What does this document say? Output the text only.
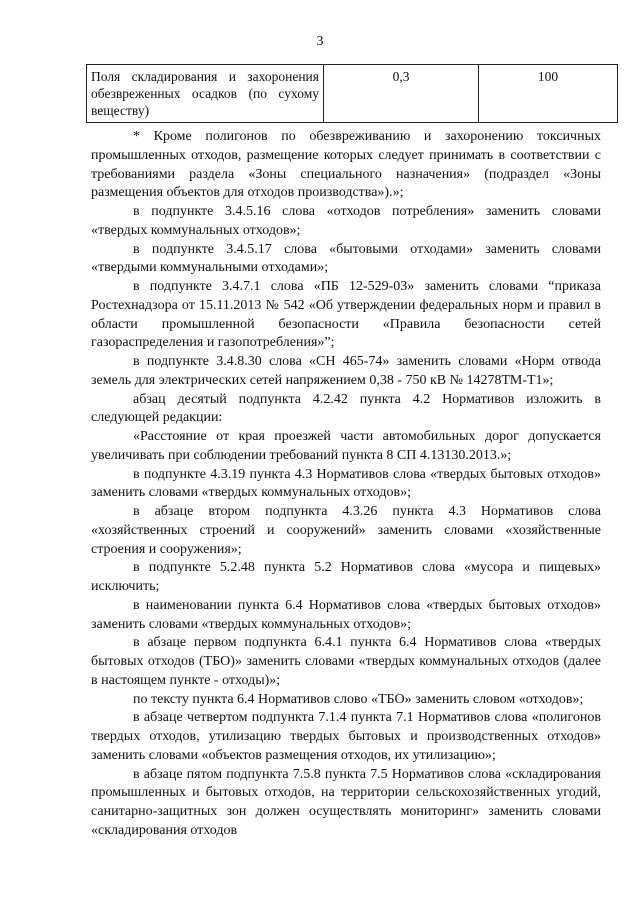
3
Поля складирования и захоронения обезвреженных осадков (по сухому веществу)	0,3	100

* Кроме полигонов по обезвреживанию и захоронению токсичных промышленных отходов, размещение которых следует принимать в соответствии с требованиями раздела «Зоны специального назначения» (подраздел «Зоны размещения объектов для отходов производства»).»;

в подпункте 3.4.5.16 слова «отходов потребления» заменить словами «твердых коммунальных отходов»;

в подпункте 3.4.5.17 слова «бытовыми отходами» заменить словами «твердыми коммунальными отходами»;

в подпункте 3.4.7.1 слова «ПБ 12-529-03» заменить словами “приказа Ростехнадзора от 15.11.2013 № 542 «Об утверждении федеральных норм и правил в области промышленной безопасности «Правила безопасности сетей газораспределения и газопотребления»”;

в подпункте 3.4.8.30 слова «СН 465-74» заменить словами «Норм отвода земель для электрических сетей напряжением 0,38 - 750 кВ № 14278ТМ-Т1»;

абзац десятый подпункта 4.2.42 пункта 4.2 Нормативов изложить в следующей редакции:

«Расстояние от края проезжей части автомобильных дорог допускается увеличивать при соблюдении требований пункта 8 СП 4.13130.2013.»;

в подпункте 4.3.19 пункта 4.3 Нормативов слова «твердых бытовых отходов» заменить словами «твердых коммунальных отходов»;

в абзаце втором подпункта 4.3.26 пункта 4.3 Нормативов слова «хозяйственных строений и сооружений» заменить словами «хозяйственные строения и сооружения»;

в подпункте 5.2.48 пункта 5.2 Нормативов слова «мусора и пищевых» исключить;

в наименовании пункта 6.4 Нормативов слова «твердых бытовых отходов» заменить словами «твердых коммунальных отходов»;

в абзаце первом подпункта 6.4.1 пункта 6.4 Нормативов слова «твердых бытовых отходов (ТБО)» заменить словами «твердых коммунальных отходов (далее в настоящем пункте - отходы)»;

по тексту пункта 6.4 Нормативов слово «ТБО» заменить словом «отходов»;

в абзаце четвертом подпункта 7.1.4 пункта 7.1 Нормативов слова «полигонов твердых отходов, утилизацию твердых бытовых и производственных отходов» заменить словами «объектов размещения отходов, их утилизацию»;

в абзаце пятом подпункта 7.5.8 пункта 7.5 Нормативов слова «складирования промышленных и бытовых отходов, на территории сельскохозяйственных угодий, санитарно-защитных зон должен осуществлять мониторинг» заменить словами «складирования отходов
